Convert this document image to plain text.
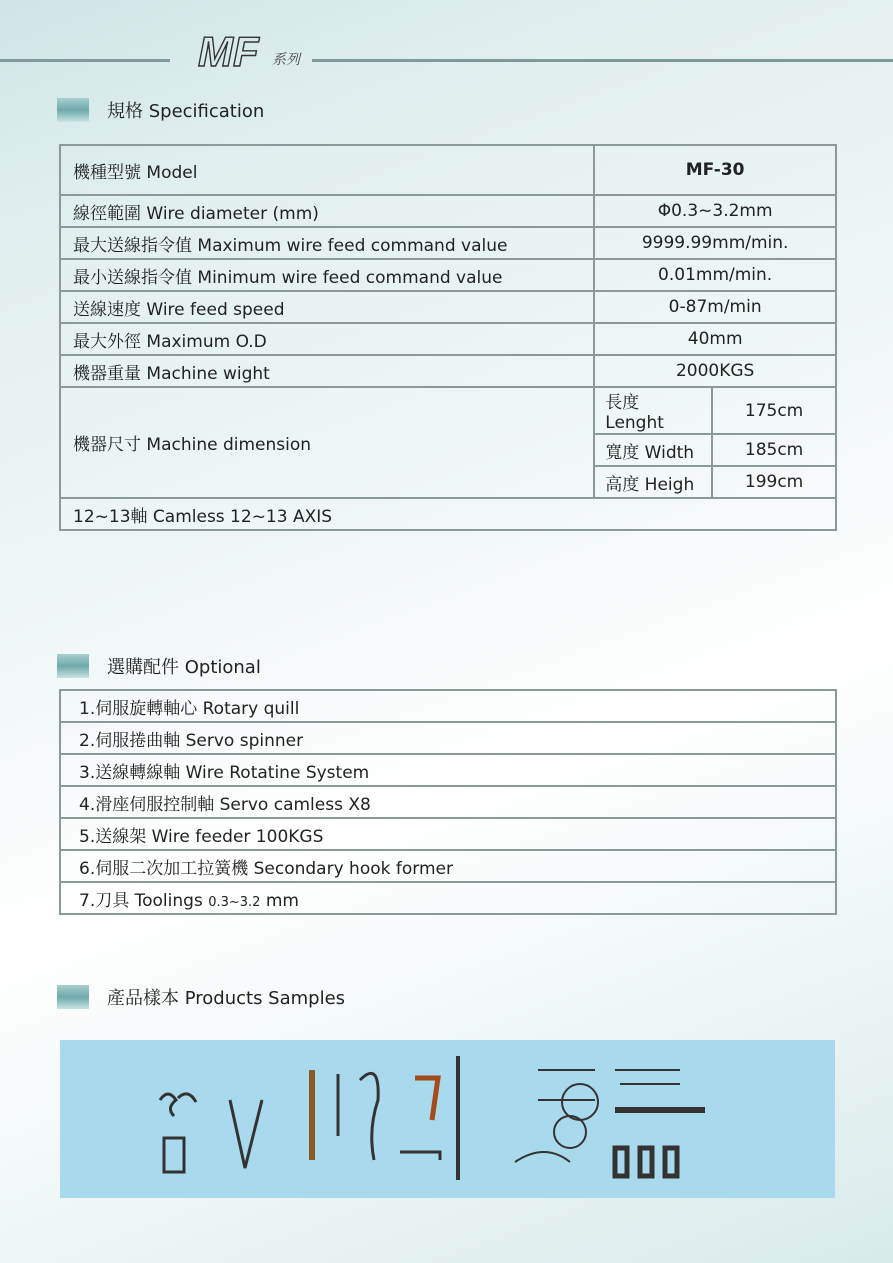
MF 系列
規格 Specification
機種型號 Model	MF-30	
線徑範圍 Wire diameter (mm)	Φ0.3~3.2mm	
最大送線指令值 Maximum wire feed command value	9999.99mm/min.	
最小送線指令值 Minimum wire feed command value	0.01mm/min.	
送線速度 Wire feed speed	0-87m/min	
最大外徑 Maximum O.D	40mm	
機器重量 Machine wight	2000KGS	
機器尺寸 Machine dimension	長度 Lenght	175cm
	寬度 Width	185cm
	高度 Heigh	199cm
12~13軸 Camless 12~13 AXIS		
選購配件 Optional
1.伺服旋轉軸心 Rotary quill
2.伺服捲曲軸 Servo spinner
3.送線轉線軸 Wire Rotatine System
4.滑座伺服控制軸 Servo camless X8
5.送線架 Wire feeder 100KGS
6.伺服二次加工拉簧機 Secondary hook former
7.刀具 Toolings 0.3~3.2 mm
產品樣本 Products Samples
